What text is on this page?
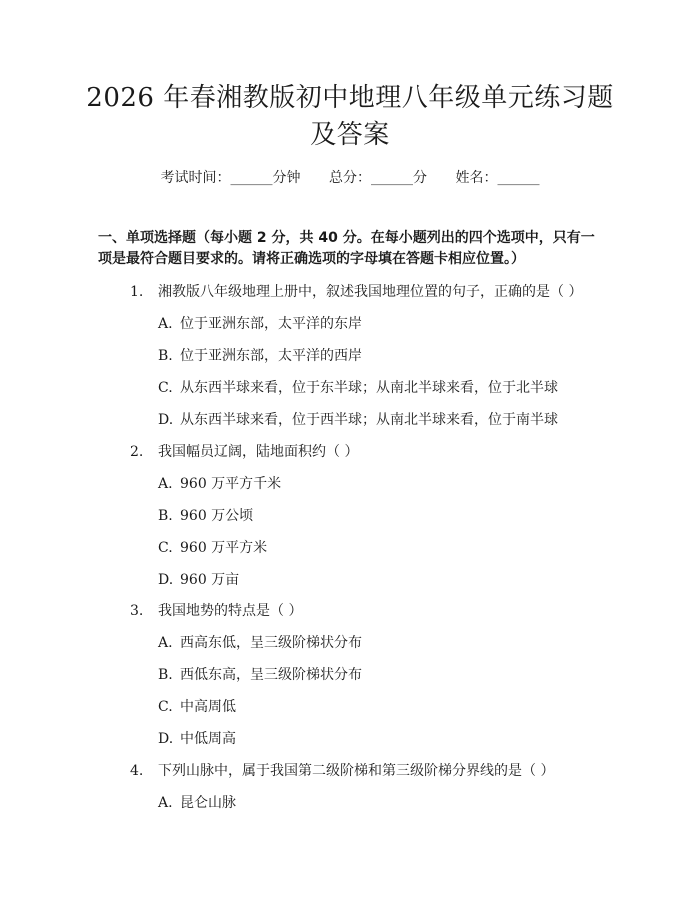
2026 年春湘教版初中地理八年级单元练习题
及答案
考试时间：______分钟 总分：______分 姓名：______

一、单项选择题（每小题 2 分，共 40 分。在每小题列出的四个选项中，只有一项是最符合题目要求的。请将正确选项的字母填在答题卡相应位置。）

1. 湘教版八年级地理上册中，叙述我国地理位置的句子，正确的是（ ）
A. 位于亚洲东部，太平洋的东岸
B. 位于亚洲东部，太平洋的西岸
C. 从东西半球来看，位于东半球；从南北半球来看，位于北半球
D. 从东西半球来看，位于西半球；从南北半球来看，位于南半球
2. 我国幅员辽阔，陆地面积约（ ）
A. 960 万平方千米
B. 960 万公顷
C. 960 万平方米
D. 960 万亩
3. 我国地势的特点是（ ）
A. 西高东低，呈三级阶梯状分布
B. 西低东高，呈三级阶梯状分布
C. 中高周低
D. 中低周高
4. 下列山脉中，属于我国第二级阶梯和第三级阶梯分界线的是（ ）
A. 昆仑山脉
